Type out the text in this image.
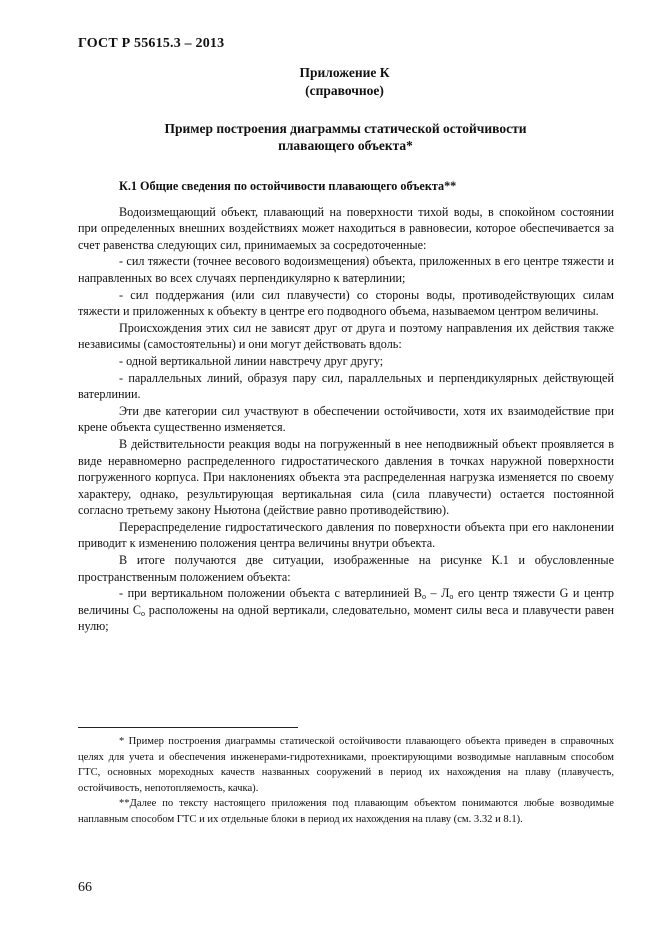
ГОСТ Р 55615.3 – 2013
Приложение К
(справочное)
Пример построения диаграммы статической остойчивости
плавающего объекта*

К.1 Общие сведения по остойчивости плавающего объекта**

Водоизмещающий объект, плавающий на поверхности тихой воды, в спокойном состоянии при определенных внешних воздействиях может находиться в равновесии, которое обеспечивается за счет равенства следующих сил, принимаемых за сосредоточенные:

- сил тяжести (точнее весового водоизмещения) объекта, приложенных в его центре тяжести и направленных во всех случаях перпендикулярно к ватерлинии;

- сил поддержания (или сил плавучести) со стороны воды, противодействующих силам тяжести и приложенных к объекту в центре его подводного объема, называемом центром величины.

Происхождения этих сил не зависят друг от друга и поэтому направления их действия также независимы (самостоятельны) и они могут действовать вдоль:

- одной вертикальной линии навстречу друг другу;

- параллельных линий, образуя пару сил, параллельных и перпендикулярных действующей ватерлинии.

Эти две категории сил участвуют в обеспечении остойчивости, хотя их взаимодействие при крене объекта существенно изменяется.

В действительности реакция воды на погруженный в нее неподвижный объект проявляется в виде неравномерно распределенного гидростатического давления в точках наружной поверхности погруженного корпуса. При наклонениях объекта эта распределенная нагрузка изменяется по своему характеру, однако, результирующая вертикальная сила (сила плавучести) остается постоянной согласно третьему закону Ньютона (действие равно противодействию).

Перераспределение гидростатического давления по поверхности объекта при его наклонении приводит к изменению положения центра величины внутри объекта.

В итоге получаются две ситуации, изображенные на рисунке К.1 и обусловленные пространственным положением объекта:

- при вертикальном положении объекта с ватерлинией $В_о - Л_о$ его центр тяжести G и центр величины $C_о$ расположены на одной вертикали, следовательно, момент силы веса и плавучести равен нулю;

* Пример построения диаграммы статической остойчивости плавающего объекта приведен в справочных целях для учета и обеспечения инженерами-гидротехниками, проектирующими возводимые наплавным способом ГТС, основных мореходных качеств названных сооружений в период их нахождения на плаву (плавучесть, остойчивость, непотопляемость, качка).

**Далее по тексту настоящего приложения под плавающим объектом понимаются любые возводимые наплавным способом ГТС и их отдельные блоки в период их нахождения на плаву (см. 3.32 и 8.1).

66
